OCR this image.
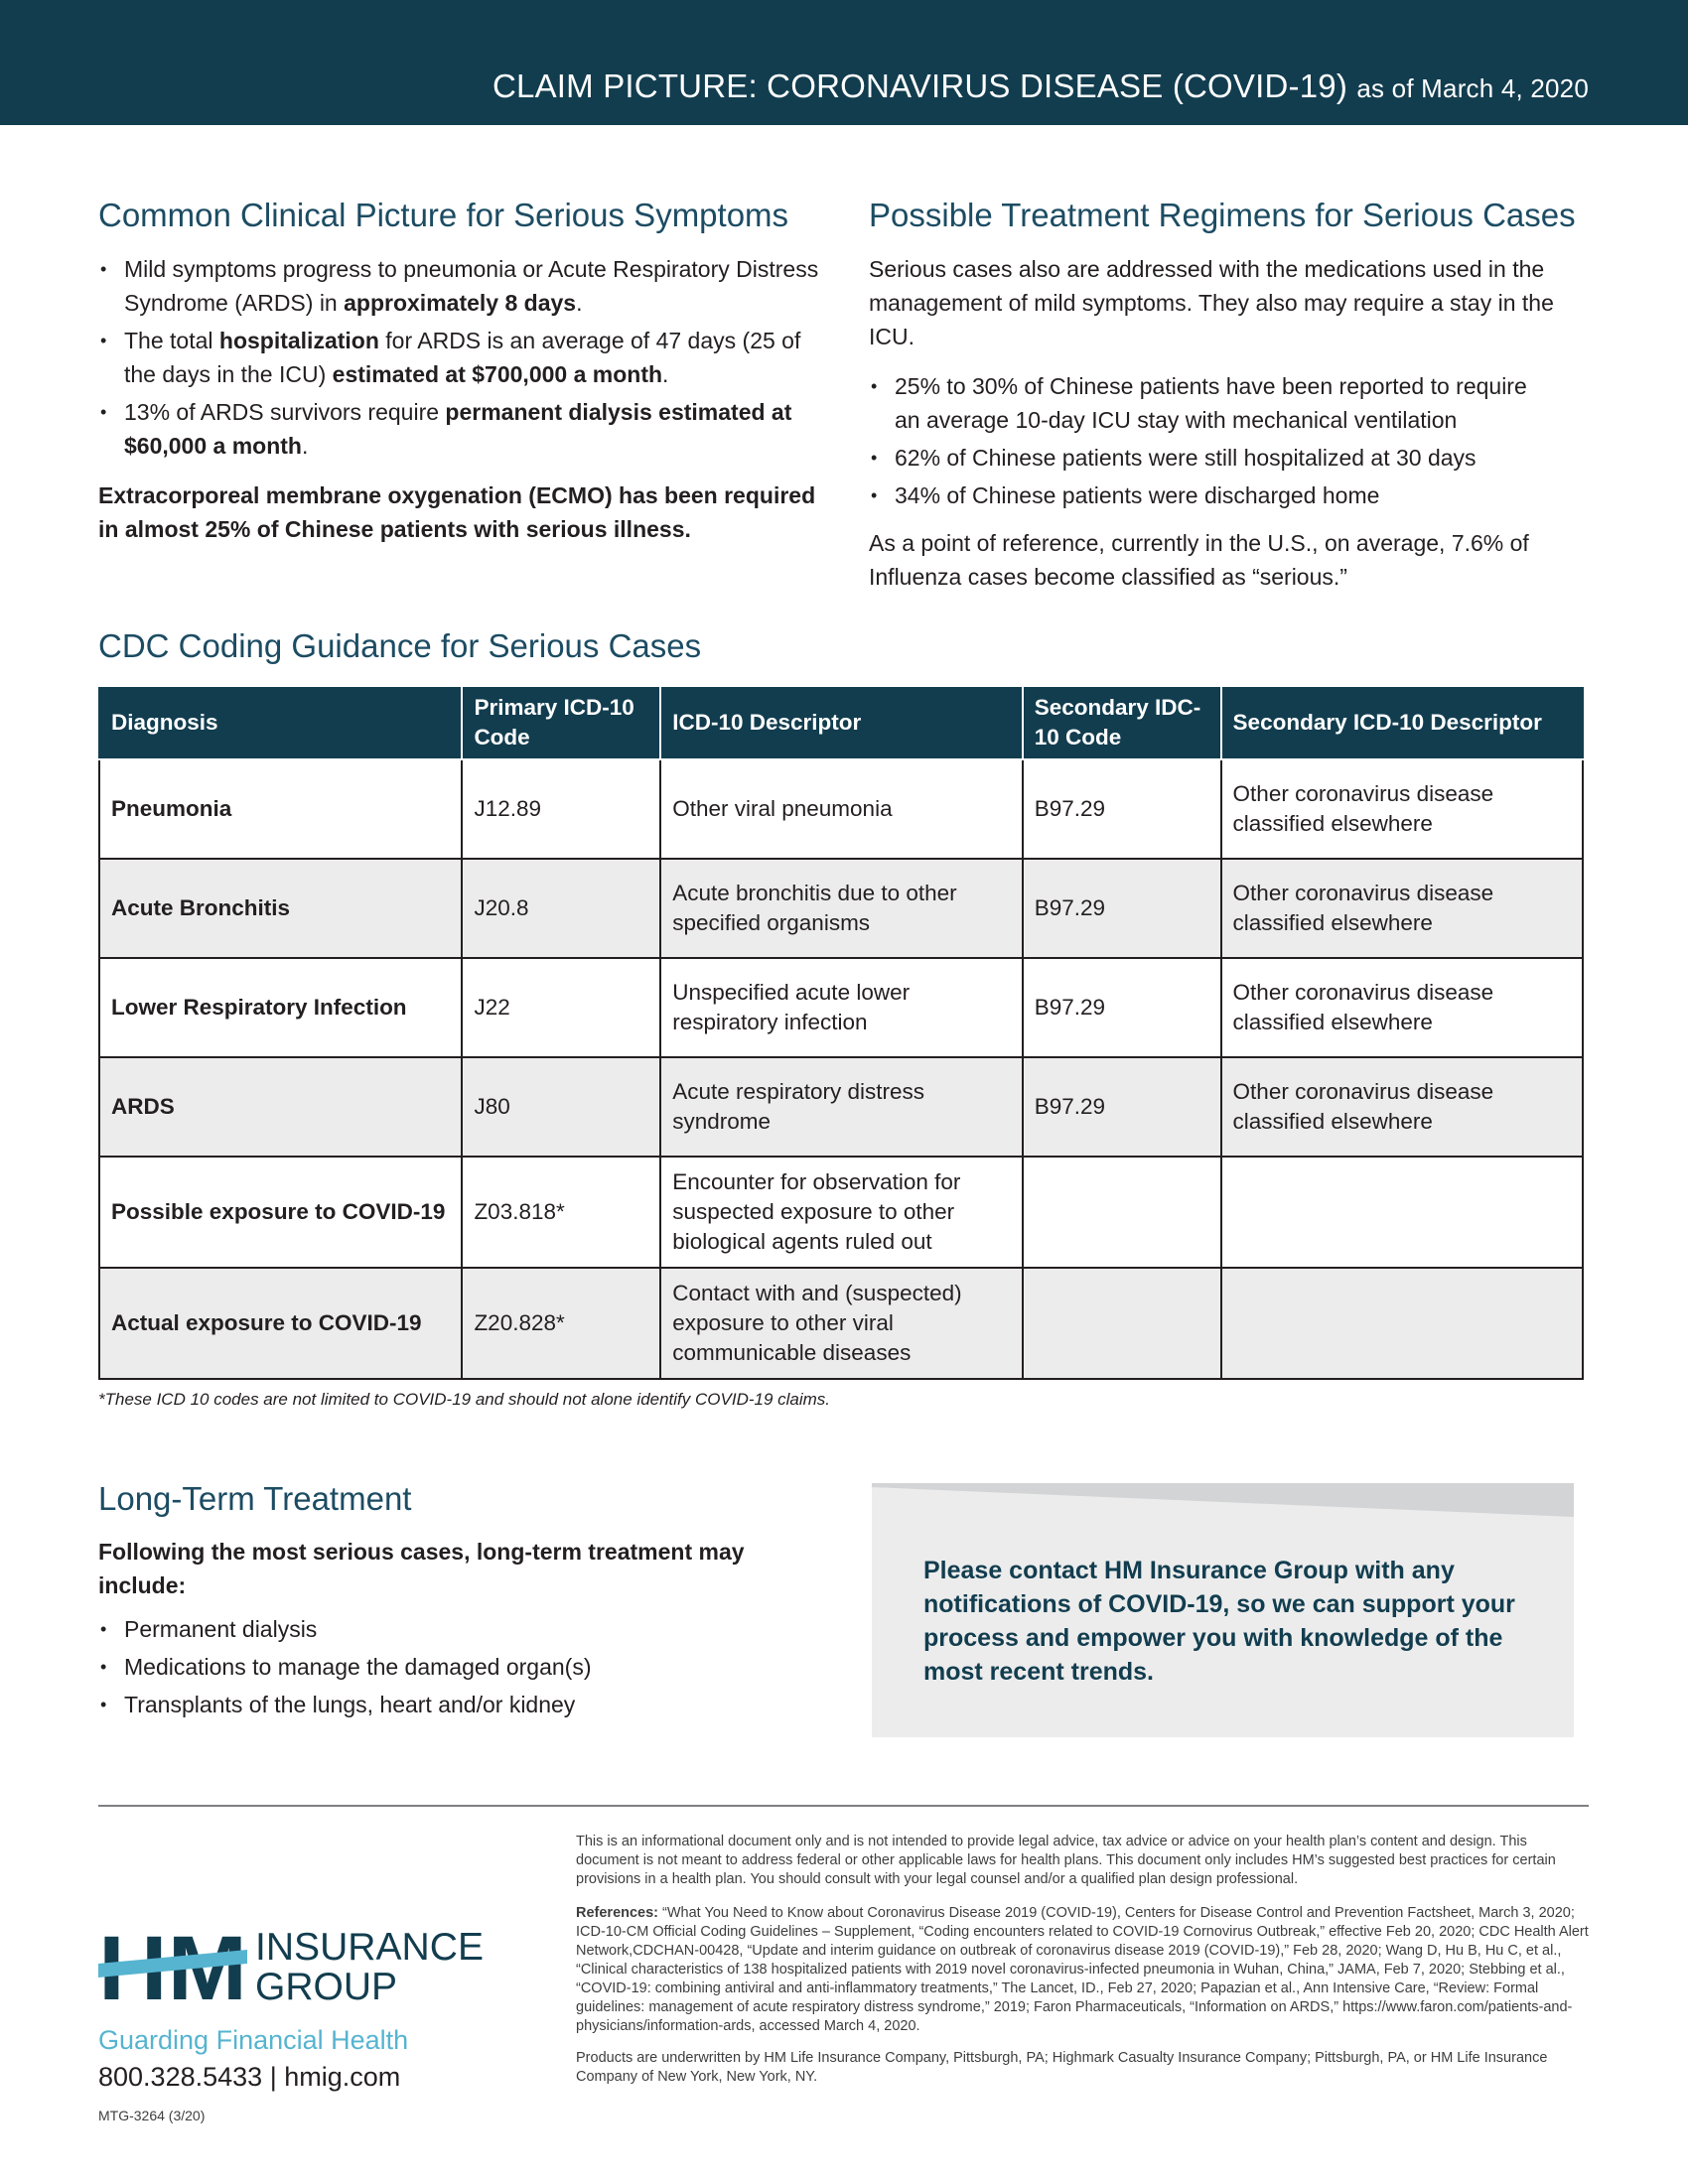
CLAIM PICTURE: CORONAVIRUS DISEASE (COVID-19) as of March 4, 2020
Common Clinical Picture for Serious Symptoms
• Mild symptoms progress to pneumonia or Acute Respiratory Distress Syndrome (ARDS) in approximately 8 days.
• The total hospitalization for ARDS is an average of 47 days (25 of the days in the ICU) estimated at $700,000 a month.
• 13% of ARDS survivors require permanent dialysis estimated at $60,000 a month.

Extracorporeal membrane oxygenation (ECMO) has been required in almost 25% of Chinese patients with serious illness.

Possible Treatment Regimens for Serious Cases

Serious cases also are addressed with the medications used in the management of mild symptoms. They also may require a stay in the ICU.

• 25% to 30% of Chinese patients have been reported to require an average 10-day ICU stay with mechanical ventilation
• 62% of Chinese patients were still hospitalized at 30 days
• 34% of Chinese patients were discharged home

As a point of reference, currently in the U.S., on average, 7.6% of Influenza cases become classified as “serious.”

CDC Coding Guidance for Serious Cases
Diagnosis	Primary ICD-10 Code	ICD-10 Descriptor	Secondary IDC-10 Code	Secondary ICD-10 Descriptor
Pneumonia	J12.89	Other viral pneumonia	B97.29	Other coronavirus disease classified elsewhere
Acute Bronchitis	J20.8	Acute bronchitis due to other specified organisms	B97.29	Other coronavirus disease classified elsewhere
Lower Respiratory Infection	J22	Unspecified acute lower respiratory infection	B97.29	Other coronavirus disease classified elsewhere
ARDS	J80	Acute respiratory distress syndrome	B97.29	Other coronavirus disease classified elsewhere
Possible exposure to COVID-19	Z03.818*	Encounter for observation for suspected exposure to other biological agents ruled out		
Actual exposure to COVID-19	Z20.828*	Contact with and (suspected) exposure to other viral communicable diseases		
*These ICD 10 codes are not limited to COVID-19 and should not alone identify COVID-19 claims.
Long-Term Treatment

Following the most serious cases, long-term treatment may include:

• Permanent dialysis
• Medications to manage the damaged organ(s)
• Transplants of the lungs, heart and/or kidney
Please contact HM Insurance Group with any notifications of COVID-19, so we can support your process and empower you with knowledge of the most recent trends.
This is an informational document only and is not intended to provide legal advice, tax advice or advice on your health plan’s content and design. This document is not meant to address federal or other applicable laws for health plans. This document only includes HM’s suggested best practices for certain provisions in a health plan. You should consult with your legal counsel and/or a qualified plan design professional.
References: “What You Need to Know about Coronavirus Disease 2019 (COVID-19), Centers for Disease Control and Prevention Factsheet, March 3, 2020; ICD-10-CM Official Coding Guidelines – Supplement, “Coding encounters related to COVID-19 Cornovirus Outbreak,” effective Feb 20, 2020; CDC Health Alert Network,CDCHAN-00428, “Update and interim guidance on outbreak of coronavirus disease 2019 (COVID-19),” Feb 28, 2020; Wang D, Hu B, Hu C, et al., “Clinical characteristics of 138 hospitalized patients with 2019 novel coronavirus-infected pneumonia in Wuhan, China,” JAMA, Feb 7, 2020; Stebbing et al., “COVID-19: combining antiviral and anti-inflammatory treatments,” The Lancet, ID., Feb 27, 2020; Papazian et al., Ann Intensive Care, “Review: Formal guidelines: management of acute respiratory distress syndrome,” 2019; Faron Pharmaceuticals, “Information on ARDS,” https://www.faron.com/patients-and-physicians/information-ards, accessed March 4, 2020.
Products are underwritten by HM Life Insurance Company, Pittsburgh, PA; Highmark Casualty Insurance Company; Pittsburgh, PA, or HM Life Insurance Company of New York, New York, NY.
INSURANCE
GROUP
Guarding Financial Health
800.328.5433 | hmig.com
MTG-3264 (3/20)
